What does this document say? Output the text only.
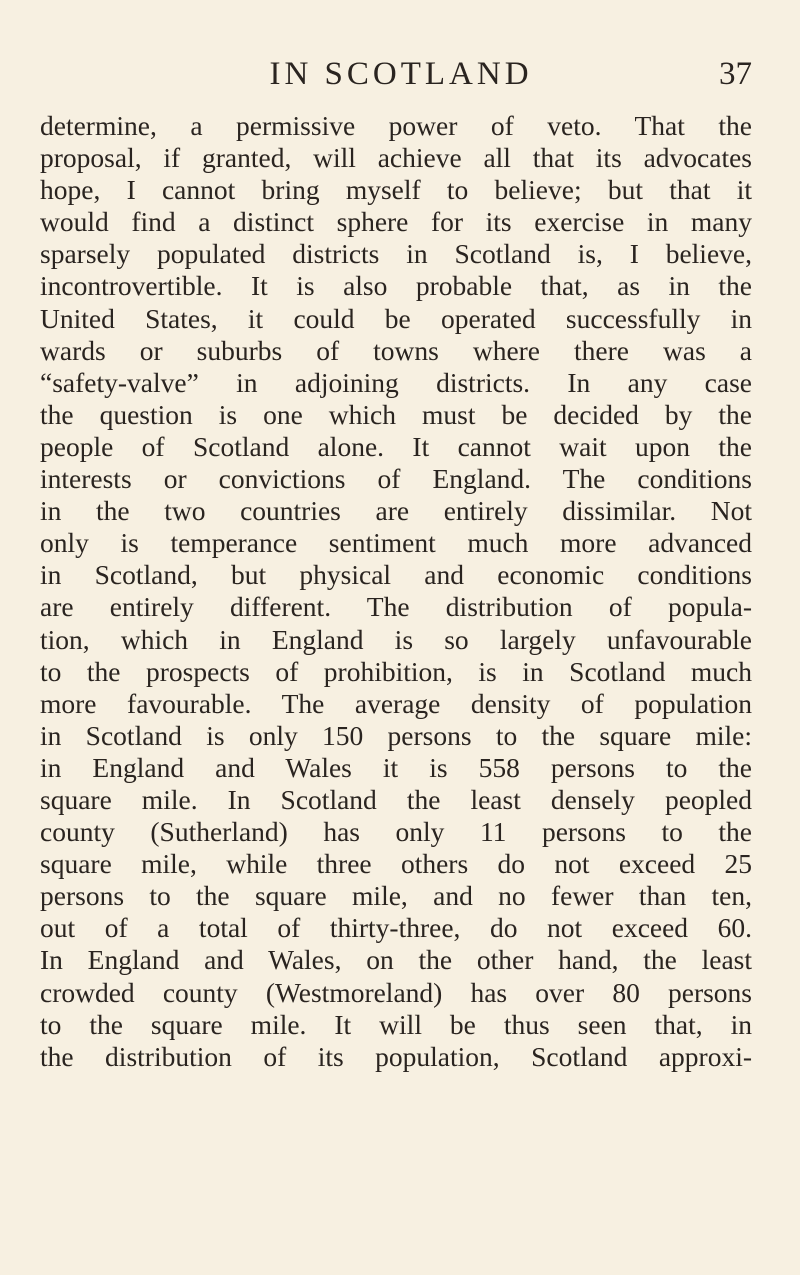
IN SCOTLAND	37
determine, a permissive power of veto. That the
proposal, if granted, will achieve all that its advocates
hope, I cannot bring myself to believe; but that it
would find a distinct sphere for its exercise in many
sparsely populated districts in Scotland is, I believe,
incontrovertible. It is also probable that, as in the
United States, it could be operated successfully in
wards or suburbs of towns where there was a
“safety-valve” in adjoining districts. In any case
the question is one which must be decided by the
people of Scotland alone. It cannot wait upon the
interests or convictions of England. The conditions
in the two countries are entirely dissimilar. Not
only is temperance sentiment much more advanced
in Scotland, but physical and economic conditions
are entirely different. The distribution of popula-
tion, which in England is so largely unfavourable
to the prospects of prohibition, is in Scotland much
more favourable. The average density of population
in Scotland is only 150 persons to the square mile:
in England and Wales it is 558 persons to the
square mile. In Scotland the least densely peopled
county (Sutherland) has only 11 persons to the
square mile, while three others do not exceed 25
persons to the square mile, and no fewer than ten,
out of a total of thirty-three, do not exceed 60.
In England and Wales, on the other hand, the least
crowded county (Westmoreland) has over 80 persons
to the square mile. It will be thus seen that, in
the distribution of its population, Scotland approxi-
